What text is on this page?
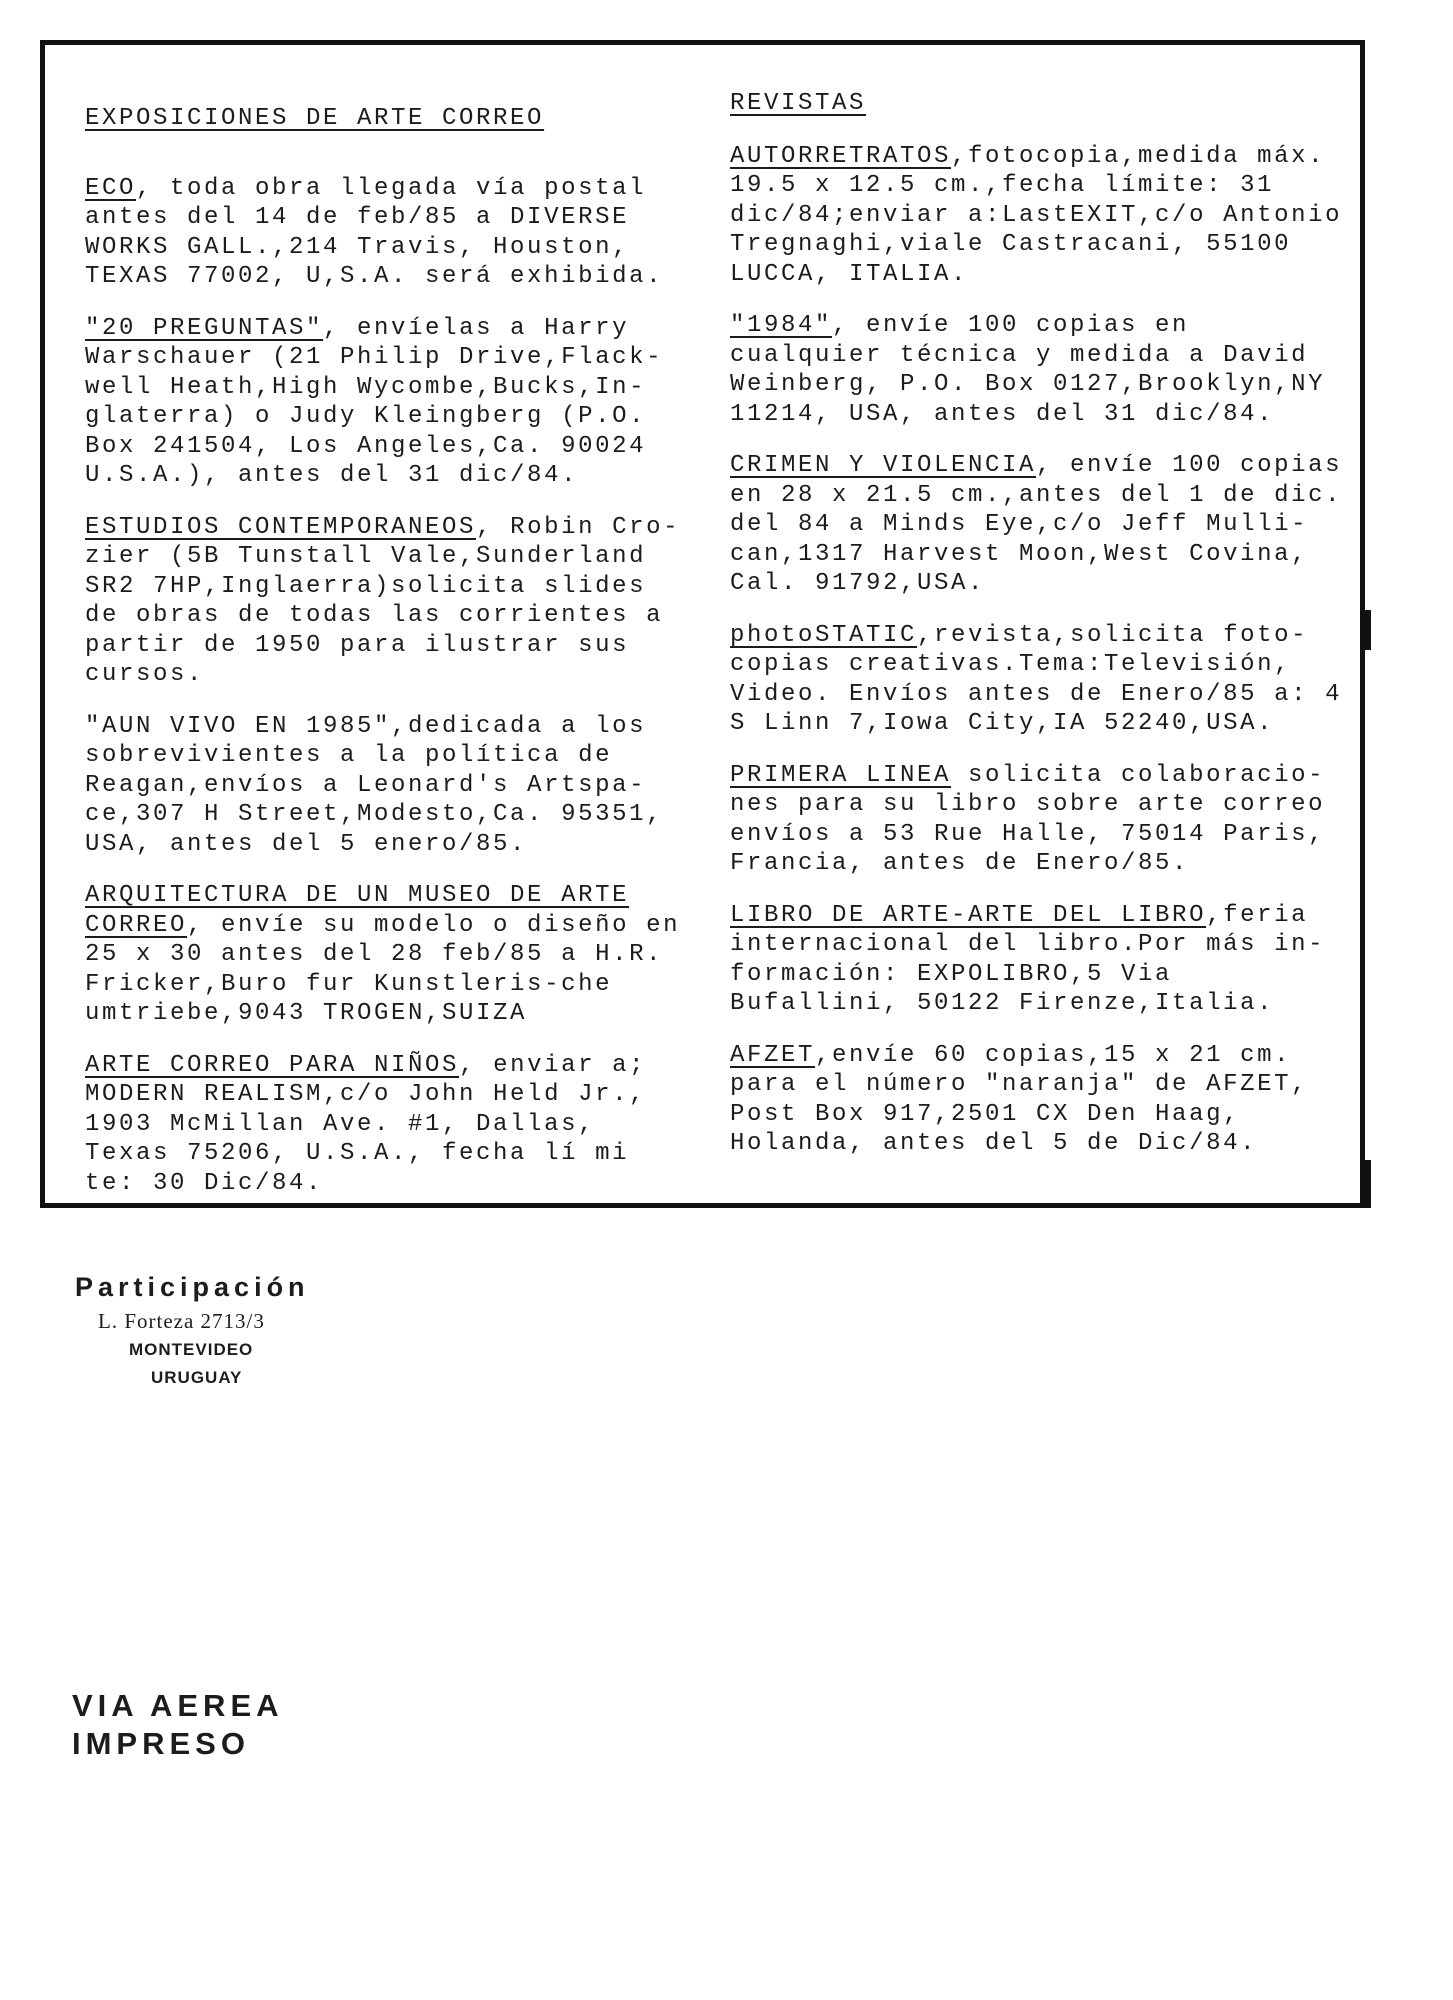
EXPOSICIONES DE ARTE CORREO

ECO, toda obra llegada vía postal antes del 14 de feb/85 a DIVERSE WORKS GALL.,214 Travis, Houston, TEXAS 77002, U,S.A. será exhibida.

"20 PREGUNTAS", envíelas a Harry Warschauer (21 Philip Drive,Flack-well Heath,High Wycombe,Bucks,In-glaterra) o Judy Kleingberg (P.O. Box 241504, Los Angeles,Ca. 90024 U.S.A.), antes del 31 dic/84.

ESTUDIOS CONTEMPORANEOS, Robin Cro-zier (5B Tunstall Vale,Sunderland SR2 7HP,Inglaerra)solicita slides de obras de todas las corrientes a partir de 1950 para ilustrar sus cursos.

"AUN VIVO EN 1985",dedicada a los sobrevivientes a la política de Reagan,envíos a Leonard's Artspa-ce,307 H Street,Modesto,Ca. 95351, USA, antes del 5 enero/85.

ARQUITECTURA DE UN MUSEO DE ARTE CORREO, envíe su modelo o diseño en 25 x 30 antes del 28 feb/85 a H.R. Fricker,Buro fur Kunstleris-che umtriebe,9043 TROGEN,SUIZA

ARTE CORREO PARA NIÑOS, enviar a; MODERN REALISM,c/o John Held Jr., 1903 McMillan Ave. #1, Dallas, Texas 75206, U.S.A., fecha lí mi te: 30 Dic/84.

REVISTAS

AUTORRETRATOS,fotocopia,medida máx. 19.5 x 12.5 cm.,fecha límite: 31 dic/84;enviar a:LastEXIT,c/o Antonio Tregnaghi,viale Castracani, 55100 LUCCA, ITALIA.

"1984", envíe 100 copias en cualquier técnica y medida a David Weinberg, P.O. Box 0127,Brooklyn,NY 11214, USA, antes del 31 dic/84.

CRIMEN Y VIOLENCIA, envíe 100 copias en 28 x 21.5 cm.,antes del 1 de dic. del 84 a Minds Eye,c/o Jeff Mulli-can,1317 Harvest Moon,West Covina, Cal. 91792,USA.

photoSTATIC,revista,solicita foto-copias creativas.Tema:Televisión, Video. Envíos antes de Enero/85 a: 4 S Linn 7,Iowa City,IA 52240,USA.

PRIMERA LINEA solicita colaboracio-nes para su libro sobre arte correo envíos a 53 Rue Halle, 75014 Paris, Francia, antes de Enero/85.

LIBRO DE ARTE-ARTE DEL LIBRO,feria internacional del libro.Por más in-formación: EXPOLIBRO,5 Via Bufallini, 50122 Firenze,Italia.

AFZET,envíe 60 copias,15 x 21 cm. para el número "naranja" de AFZET, Post Box 917,2501 CX Den Haag, Holanda, antes del 5 de Dic/84.

Participación
L. Forteza 2713/3
MONTEVIDEO
URUGUAY
VIA AEREA
IMPRESO
